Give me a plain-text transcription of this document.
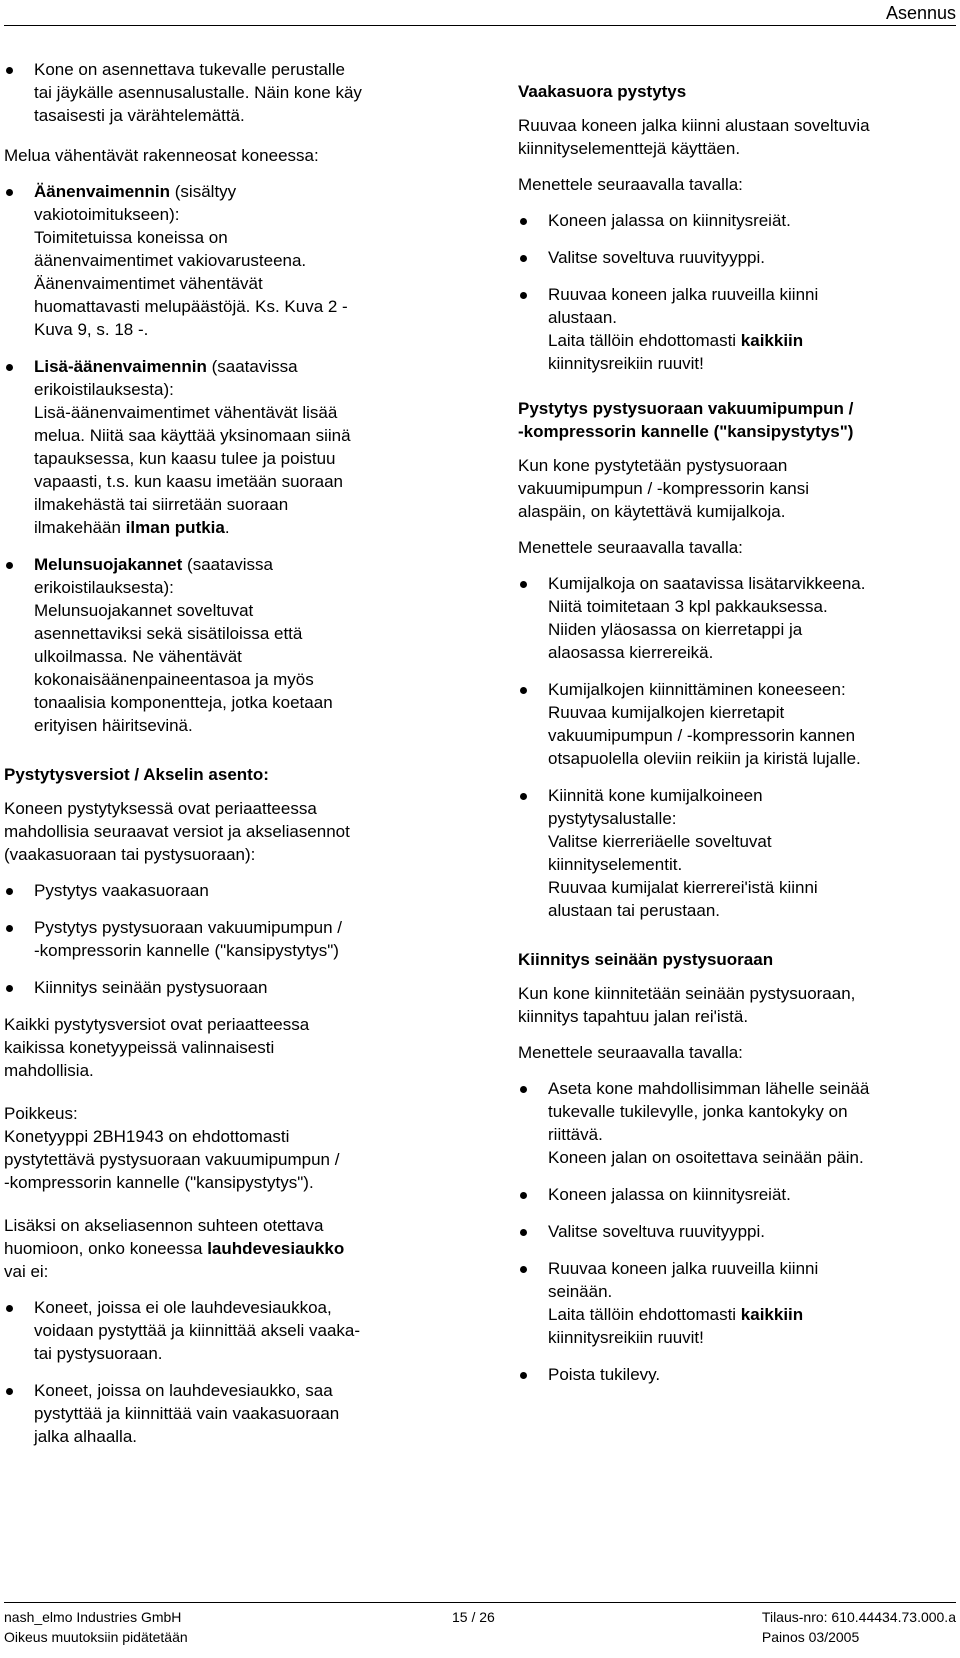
Asennus
Kone on asennettava tukevalle perustalle
tai jäykälle asennusalustalle. Näin kone käy
tasaisesti ja värähtelemättä.

Melua vähentävät rakenneosat koneessa:

Äänenvaimennin (sisältyy
vakiotoimitukseen):
Toimitetuissa koneissa on
äänenvaimentimet vakiovarusteena.
Äänenvaimentimet vähentävät
huomattavasti melupäästöjä. Ks. Kuva 2 -
Kuva 9, s. 18 -.
Lisä-äänenvaimennin (saatavissa
erikoistilauksesta):
Lisä-äänenvaimentimet vähentävät lisää
melua. Niitä saa käyttää yksinomaan siinä
tapauksessa, kun kaasu tulee ja poistuu
vapaasti, t.s. kun kaasu imetään suoraan
ilmakehästä tai siirretään suoraan
ilmakehään ilman putkia.
Melunsuojakannet (saatavissa
erikoistilauksesta):
Melunsuojakannet soveltuvat
asennettaviksi sekä sisätiloissa että
ulkoilmassa. Ne vähentävät
kokonaisäänenpaineentasoa ja myös
tonaalisia komponentteja, jotka koetaan
erityisen häiritsevinä.
Pystytysversiot / Akselin asento:

Koneen pystytyksessä ovat periaatteessa
mahdollisia seuraavat versiot ja akseliasennot
(vaakasuoraan tai pystysuoraan):

Pystytys vaakasuoraan
Pystytys pystysuoraan vakuumipumpun /
-kompressorin kannelle ("kansipystytys")
Kiinnitys seinään pystysuoraan

Kaikki pystytysversiot ovat periaatteessa
kaikissa konetyypeissä valinnaisesti
mahdollisia.

Poikkeus:
Konetyyppi 2BH1943 on ehdottomasti
pystytettävä pystysuoraan vakuumipumpun /
-kompressorin kannelle ("kansipystytys").

Lisäksi on akseliasennon suhteen otettava
huomioon, onko koneessa lauhdevesiaukko
vai ei:

Koneet, joissa ei ole lauhdevesiaukkoa,
voidaan pystyttää ja kiinnittää akseli vaaka-
tai pystysuoraan.
Koneet, joissa on lauhdevesiaukko, saa
pystyttää ja kiinnittää vain vaakasuoraan
jalka alhaalla.
Vaakasuora pystytys

Ruuvaa koneen jalka kiinni alustaan soveltuvia
kiinnityselementtejä käyttäen.

Menettele seuraavalla tavalla:

Koneen jalassa on kiinnitysreiät.
Valitse soveltuva ruuvityyppi.
Ruuvaa koneen jalka ruuveilla kiinni
alustaan.
Laita tällöin ehdottomasti kaikkiin
kiinnitysreikiin ruuvit!
Pystytys pystysuoraan vakuumipumpun /
-kompressorin kannelle ("kansipystytys")

Kun kone pystytetään pystysuoraan
vakuumipumpun / -kompressorin kansi
alaspäin, on käytettävä kumijalkoja.

Menettele seuraavalla tavalla:

Kumijalkoja on saatavissa lisätarvikkeena.
Niitä toimitetaan 3 kpl pakkauksessa.
Niiden yläosassa on kierretappi ja
alaosassa kierrereikä.
Kumijalkojen kiinnittäminen koneeseen:
Ruuvaa kumijalkojen kierretapit
vakuumipumpun / -kompressorin kannen
otsapuolella oleviin reikiin ja kiristä lujalle.
Kiinnitä kone kumijalkoineen
pystytysalustalle:
Valitse kierreriäelle soveltuvat
kiinnityselementit.
Ruuvaa kumijalat kierrerei'istä kiinni
alustaan tai perustaan.
Kiinnitys seinään pystysuoraan

Kun kone kiinnitetään seinään pystysuoraan,
kiinnitys tapahtuu jalan rei'istä.

Menettele seuraavalla tavalla:

Aseta kone mahdollisimman lähelle seinää
tukevalle tukilevylle, jonka kantokyky on
riittävä.
Koneen jalan on osoitettava seinään päin.
Koneen jalassa on kiinnitysreiät.
Valitse soveltuva ruuvityyppi.
Ruuvaa koneen jalka ruuveilla kiinni
seinään.
Laita tällöin ehdottomasti kaikkiin
kiinnitysreikiin ruuvit!
Poista tukilevy.
nash_elmo Industries GmbH
Oikeus muutoksiin pidätetään
15 / 26	Tilaus-nro: 610.44434.73.000.a
Painos 03/2005
